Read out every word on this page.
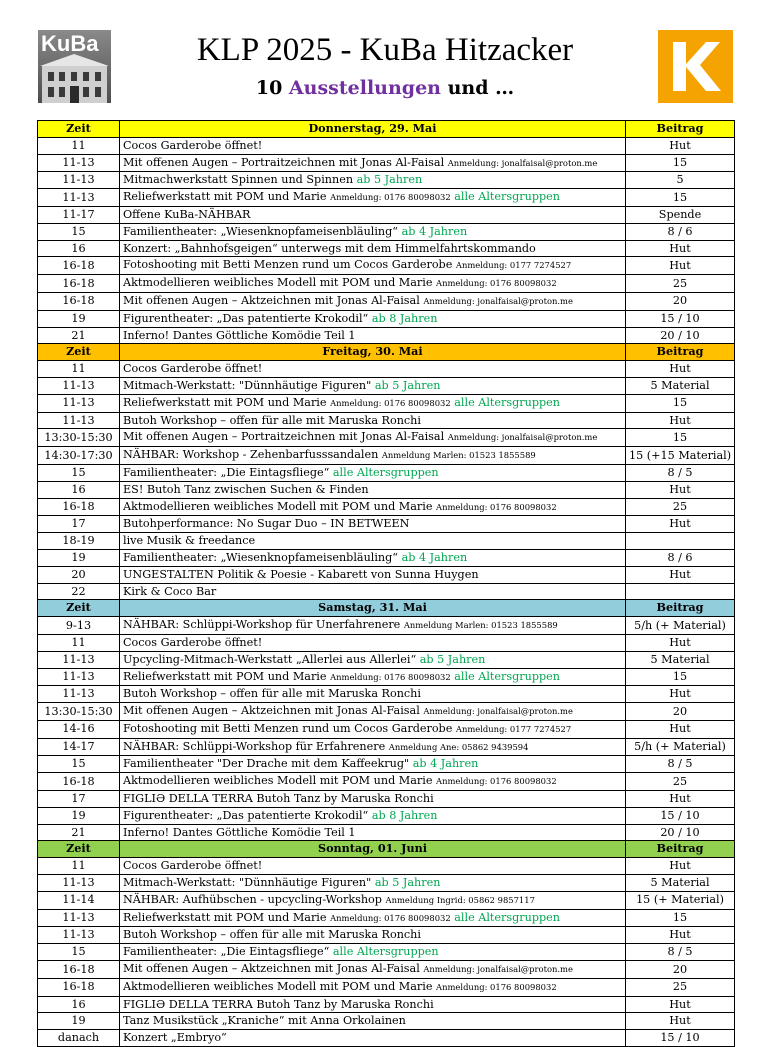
KuBa	KLP 2025 - KuBa Hitzacker
10 Ausstellungen und …
Zeit	Donnerstag, 29. Mai	Beitrag
11	Cocos Garderobe öffnet!	Hut
11-13	Mit offenen Augen – Portraitzeichnen mit Jonas Al-Faisal Anmeldung: jonalfaisal@proton.me	15
11-13	Mitmachwerkstatt Spinnen und Spinnen ab 5 Jahren	5
11-13	Reliefwerkstatt mit POM und Marie Anmeldung: 0176 80098032 alle Altersgruppen	15
11-17	Offene KuBa-NÄHBAR	Spende
15	Familientheater: „Wiesenknopfameisenbläuling“ ab 4 Jahren	8 / 6
16	Konzert: „Bahnhofsgeigen“ unterwegs mit dem Himmelfahrtskommando	Hut
16-18	Fotoshooting mit Betti Menzen rund um Cocos Garderobe Anmeldung: 0177 7274527	Hut
16-18	Aktmodellieren weibliches Modell mit POM und Marie Anmeldung: 0176 80098032	25
16-18	Mit offenen Augen – Aktzeichnen mit Jonas Al-Faisal Anmeldung: jonalfaisal@proton.me	20
19	Figurentheater: „Das patentierte Krokodil“ ab 8 Jahren	15 / 10
21	Inferno! Dantes Göttliche Komödie Teil 1	20 / 10
Zeit	Freitag, 30. Mai	Beitrag
11	Cocos Garderobe öffnet!	Hut
11-13	Mitmach-Werkstatt: "Dünnhäutige Figuren" ab 5 Jahren	5 Material
11-13	Reliefwerkstatt mit POM und Marie Anmeldung: 0176 80098032 alle Altersgruppen	15
11-13	Butoh Workshop – offen für alle mit Maruska Ronchi	Hut
13:30-15:30	Mit offenen Augen – Portraitzeichnen mit Jonas Al-Faisal Anmeldung: jonalfaisal@proton.me	15
14:30-17:30	NÄHBAR: Workshop - Zehenbarfusssandalen Anmeldung Marlen: 01523 1855589	15 (+15 Material)
15	Familientheater: „Die Eintagsfliege“ alle Altersgruppen	8 / 5
16	ES! Butoh Tanz zwischen Suchen & Finden	Hut
16-18	Aktmodellieren weibliches Modell mit POM und Marie Anmeldung: 0176 80098032	25
17	Butohperformance: No Sugar Duo – IN BETWEEN	Hut
18-19	live Musik & freedance	
19	Familientheater: „Wiesenknopfameisenbläuling“ ab 4 Jahren	8 / 6
20	UNGESTALTEN Politik & Poesie - Kabarett von Sunna Huygen	Hut
22	Kirk & Coco Bar	
Zeit	Samstag, 31. Mai	Beitrag
9-13	NÄHBAR: Schlüppi-Workshop für Unerfahrenere Anmeldung Marlen: 01523 1855589	5/h (+ Material)
11	Cocos Garderobe öffnet!	Hut
11-13	Upcycling-Mitmach-Werkstatt „Allerlei aus Allerlei“ ab 5 Jahren	5 Material
11-13	Reliefwerkstatt mit POM und Marie Anmeldung: 0176 80098032 alle Altersgruppen	15
11-13	Butoh Workshop – offen für alle mit Maruska Ronchi	Hut
13:30-15:30	Mit offenen Augen – Aktzeichnen mit Jonas Al-Faisal Anmeldung: jonalfaisal@proton.me	20
14-16	Fotoshooting mit Betti Menzen rund um Cocos Garderobe Anmeldung: 0177 7274527	Hut
14-17	NÄHBAR: Schlüppi-Workshop für Erfahrenere Anmeldung Ane: 05862 9439594	5/h (+ Material)
15	Familientheater "Der Drache mit dem Kaffeekrug" ab 4 Jahren	8 / 5
16-18	Aktmodellieren weibliches Modell mit POM und Marie Anmeldung: 0176 80098032	25
17	FIGLIƏ DELLA TERRA Butoh Tanz by Maruska Ronchi	Hut
19	Figurentheater: „Das patentierte Krokodil“ ab 8 Jahren	15 / 10
21	Inferno! Dantes Göttliche Komödie Teil 1	20 / 10
Zeit	Sonntag, 01. Juni	Beitrag
11	Cocos Garderobe öffnet!	Hut
11-13	Mitmach-Werkstatt: "Dünnhäutige Figuren" ab 5 Jahren	5 Material
11-14	NÄHBAR: Aufhübschen - upcycling-Workshop Anmeldung Ingrid: 05862 9857117	15 (+ Material)
11-13	Reliefwerkstatt mit POM und Marie Anmeldung: 0176 80098032 alle Altersgruppen	15
11-13	Butoh Workshop – offen für alle mit Maruska Ronchi	Hut
15	Familientheater: „Die Eintagsfliege“ alle Altersgruppen	8 / 5
16-18	Mit offenen Augen – Aktzeichnen mit Jonas Al-Faisal Anmeldung: jonalfaisal@proton.me	20
16-18	Aktmodellieren weibliches Modell mit POM und Marie Anmeldung: 0176 80098032	25
16	FIGLIƏ DELLA TERRA Butoh Tanz by Maruska Ronchi	Hut
19	Tanz Musikstück „Kraniche“ mit Anna Orkolainen	Hut
danach	Konzert „Embryo“	15 / 10
